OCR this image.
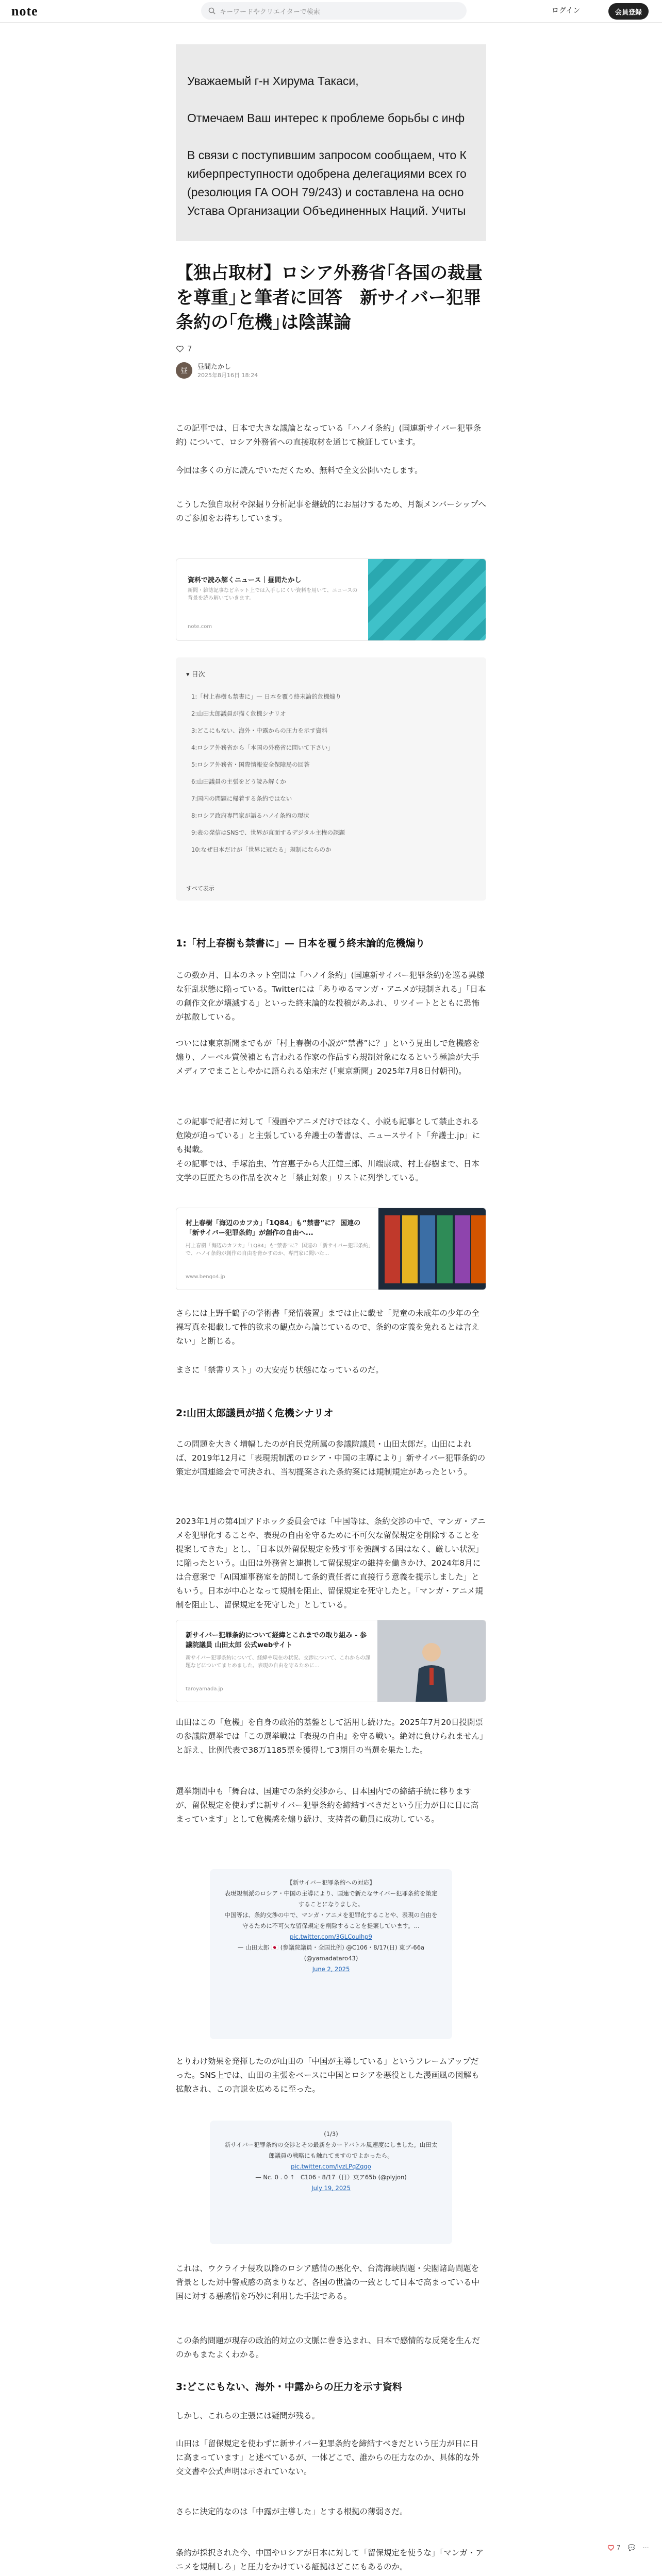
note	キーワードやクリエイターで検索	ログイン	会員登録

Уважаемый г-н Хирума Такаси,

Отмечаем Ваш интерес к проблеме борьбы с инф

В связи с поступившим запросом сообщаем, что К

киберпреступности одобрена делегациями всех го

(резолюция ГА ООН 79/243) и составлена на осно

Устава Организации Объединенных Наций. Учиты

【独占取材】ロシア外務省｢各国の裁量を尊重｣と筆者に回答　新サイバー犯罪条約の｢危機｣は陰謀論
7
昼	昼間たかし
2025年8月16日 18:24
この記事では、日本で大きな議論となっている「ハノイ条約」(国連新サイバー犯罪条約) について、ロシア外務省への直接取材を通じて検証しています。
今回は多くの方に読んでいただくため、無料で全文公開いたします。
こうした独自取材や深掘り分析記事を継続的にお届けするため、月額メンバーシップへのご参加をお待ちしています。
資料で読み解くニュース｜昼間たかし
新聞・雑誌記事などネット上では入手しにくい資料を用いて、ニュースの背景を読み解いていきます。
note.com
▾ 目次
1:「村上春樹も禁書に」— 日本を覆う終末論的危機煽り
2:山田太郎議員が描く危機シナリオ
3:どこにもない、海外・中露からの圧力を示す資料
4:ロシア外務省から「本国の外務省に問いて下さい」
5:ロシア外務省・国際情報安全保障局の回答
6:山田議員の主張をどう読み解くか
7:国内の問題に帰着する条約ではない
8:ロシア政府専門家が語るハノイ条約の現状
9:表の発信はSNSで、世界が直面するデジタル主権の課題
10:なぜ日本だけが「世界に冠たる」規制にならのか
すべて表示
1:「村上春樹も禁書に」— 日本を覆う終末論的危機煽り
この数か月、日本のネット空間は「ハノイ条約」(国連新サイバー犯罪条約)を巡る異様な狂乱状態に陥っている。Twitterには「ありゆるマンガ・アニメが規制される」「日本の創作文化が壊滅する」といった終末論的な投稿があふれ、リツイートとともに恐怖が拡散している。
ついには東京新聞までもが「村上春樹の小説が“禁書”に？」という見出しで危機感を煽り、ノーベル賞候補とも言われる作家の作品すら規制対象になるという極論が大手メディアでまことしやかに語られる始末だ (「東京新聞」2025年7月8日付朝刊)。
この記事で記者に対して「漫画やアニメだけではなく、小説も記事として禁止される危険が迫っている」と主張している弁護士の著書は、ニュースサイト「弁護士.jp」にも掲載。
その記事では、手塚治虫、竹宮惠子から大江健三郎、川端康成、村上春樹まで、日本文学の巨匠たちの作品を次々と「禁止対象」リストに列挙している。
村上春樹「海辺のカフカ」「1Q84」も“禁書”に？ 国連の「新サイバー犯罪条約」が創作の自由へ...
村上春樹「海辺のカフカ」「1Q84」も“禁書”に？ 国連の「新サイバー犯罪条約」で、ハノイ条約が創作の自由を脅かすのか、専門家に聞いた...
www.bengo4.jp
さらには上野千鶴子の学術書「発情装置」までは止に載せ「児童の未成年の少年の全裸写真を掲載して性的欲求の観点から論じているので、条約の定義を免れるとは言えない」と断じる。
まさに「禁書リスト」の大安売り状態になっているのだ。
2:山田太郎議員が描く危機シナリオ
この問題を大きく増幅したのが自民党所属の参議院議員・山田太郎だ。山田によれば、2019年12月に「表現規制派のロシア・中国の主導により」新サイバー犯罪条約の策定が国連総会で可決され、当初提案された条約案には規制規定があったという。
2023年1月の第4回アドホック委員会では「中国等は、条約交渉の中で、マンガ・アニメを犯罪化することや、表現の自由を守るために不可欠な留保規定を削除することを提案してきた」とし、「日本以外留保規定を残す事を強調する国はなく、厳しい状況」に陥ったという。山田は外務省と連携して留保規定の維持を働きかけ、2024年8月には合意案で「AI国連事務室を訪問して条約責任者に直接行う意義を提示しました」ともいう。日本が中心となって規制を阻止、留保規定を死守したと。「マンガ・アニメ規制を阻止し、留保規定を死守した」としている。
新サイバー犯罪条約について経緯とこれまでの取り組み - 参議院議員 山田太郎 公式webサイト
新サイバー犯罪条約について、経緯や現在の状況、交渉について、これからの課題などについてまとめました。表現の自由を守るために...
taroyamada.jp
山田はこの「危機」を自身の政治的基盤として活用し続けた。2025年7月20日投開票の参議院選挙では「この選挙戦は『表現の自由』を守る戦い。絶対に負けられません」と訴え、比例代表で38万1185票を獲得して3期目の当選を果たした。
選挙期間中も「舞台は、国連での条約交渉から、日本国内での締結手続に移りますが、留保規定を使わずに新サイバー犯罪条約を締結すべきだという圧力が日に日に高まっています」として危機感を煽り続け、支持者の動員に成功している。
【新サイバー犯罪条約への対応】
表現規制派のロシア・中国の主導により、国連で新たなサイバー犯罪条約を策定することになりました。
中国等は、条約交渉の中で、マンガ・アニメを犯罪化することや、表現の自由を守るために不可欠な留保規定を削除することを提案しています。...
pic.twitter.com/3GLCouIhp9
— 山田太郎 🇯🇵 (参議院議員・全国比例) @C106・8/17(日) 東ブ-66a (@yamadataro43)
June 2, 2025
とりわけ効果を発揮したのが山田の「中国が主導している」というフレームアップだった。SNS上では、山田の主張をベースに中国とロシアを悪役とした漫画風の図解も拡散され、この言説を広めるに至った。
(1/3)
新サイバー犯罪条約の交渉とその最新をカードバトル風速度にしました。山田太郎議員の戦略にも触れてますのでよかったら。
pic.twitter.com/lvzLPqZqqo
— Nc. 0 . 0 ↑　C106・8/17（日）東ア65b (@plyjon)
July 19, 2025
これは、ウクライナ侵攻以降のロシア感情の悪化や、台湾海峡問題・尖閣諸島問題を背景とした対中警戒感の高まりなど、各国の世論の一致として日本で高まっている中国に対する悪感情を巧妙に利用した手法である。
この条約問題が現存の政治的対立の文脈に巻き込まれ、日本で感情的な反発を生んだのかもまたよくわかる。
3:どこにもない、海外・中露からの圧力を示す資料
しかし、これらの主張には疑問が残る。
山田は「留保規定を使わずに新サイバー犯罪条約を締結すべきだという圧力が日に日に高まっています」と述べているが、一体どこで、誰からの圧力なのか、具体的な外交文書や公式声明は示されていない。
さらに決定的なのは「中露が主導した」とする根拠の薄弱さだ。
条約が採択された今、中国やロシアが日本に対して「留保規定を使うな」「マンガ・アニメを規制しろ」と圧力をかけている証拠はどこにもあるのか。
7 💬 ⋯
